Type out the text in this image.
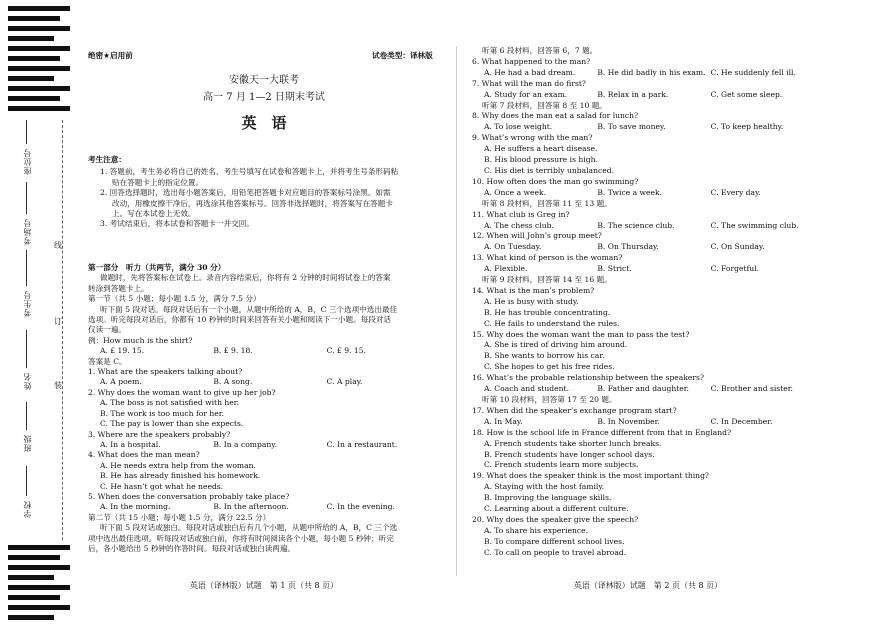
座位号
考场号
考生号
姓名
班级
学校
线
订
装
绝密★启用前	试卷类型：译林版
安徽天一大联考
高一 7 月 1—2 日期末考试
英　语
考生注意：
1. 答题前，考生务必将自己的姓名、考生号填写在试卷和答题卡上，并将考生号条形码粘
贴在答题卡上的指定位置。
2. 回答选择题时，选出每小题答案后，用铅笔把答题卡对应题目的答案标号涂黑。如需
改动，用橡皮擦干净后，再选涂其他答案标号。回答非选择题时，将答案写在答题卡
上。写在本试卷上无效。
3. 考试结束后，将本试卷和答题卡一并交回。
第一部分　听力（共两节，满分 30 分）
做题时，先将答案标在试卷上。录音内容结束后，你将有 2 分钟的时间将试卷上的答案
转涂到答题卡上。
第一节（共 5 小题；每小题 1.5 分，满分 7.5 分）
听下面 5 段对话。每段对话后有一个小题，从题中所给的 A，B，C 三个选项中选出最佳
选项。听完每段对话后，你都有 10 秒钟的时间来回答有关小题和阅读下一小题。每段对话
仅读一遍。
例：How much is the shirt?
A. £ 19. 15.	B. £ 9. 18.	C. £ 9. 15.
答案是 C。
1. What are the speakers talking about?
A. A poem.	B. A song.	C. A play.
2. Why does the woman want to give up her job?
A. The boss is not satisfied with her.
B. The work is too much for her.
C. The pay is lower than she expects.
3. Where are the speakers probably?
A. In a hospital.	B. In a company.	C. In a restaurant.
4. What does the man mean?
A. He needs extra help from the woman.
B. He has already finished his homework.
C. He hasn’t got what he needs.
5. When does the conversation probably take place?
A. In the morning.	B. In the afternoon.	C. In the evening.
第二节（共 15 小题；每小题 1.5 分，满分 22.5 分）
听下面 5 段对话或独白。每段对话或独白后有几个小题，从题中所给的 A，B，C 三个选
项中选出最佳选项。听每段对话或独白前，你将有时间阅读各个小题，每小题 5 秒钟；听完
后，各小题给出 5 秒钟的作答时间。每段对话或独白读两遍。
英语（译林版）试题　第 1 页（共 8 页）
听第 6 段材料，回答第 6，7 题。
6. What happened to the man?
A. He had a bad dream.	B. He did badly in his exam. C. He suddenly fell ill.
7. What will the man do first?
A. Study for an exam.	B. Relax in a park.	C. Get some sleep.
听第 7 段材料，回答第 8 至 10 题。
8. Why does the man eat a salad for lunch?
A. To lose weight.	B. To save money.	C. To keep healthy.
9. What’s wrong with the man?
A. He suffers a heart disease.
B. His blood pressure is high.
C. His diet is terribly unbalanced.
10. How often does the man go swimming?
A. Once a week.	B. Twice a week.	C. Every day.
听第 8 段材料，回答第 11 至 13 题。
11. What club is Greg in?
A. The chess club.	B. The science club.	C. The swimming club.
12. When will John’s group meet?
A. On Tuesday.	B. On Thursday.	C. On Sunday.
13. What kind of person is the woman?
A. Flexible.	B. Strict.	C. Forgetful.
听第 9 段材料，回答第 14 至 16 题。
14. What is the man’s problem?
A. He is busy with study.
B. He has trouble concentrating.
C. He fails to understand the rules.
15. Why does the woman want the man to pass the test?
A. She is tired of driving him around.
B. She wants to borrow his car.
C. She hopes to get his free rides.
16. What’s the probable relationship between the speakers?
A. Coach and student.	B. Father and daughter.	C. Brother and sister.
听第 10 段材料，回答第 17 至 20 题。
17. When did the speaker’s exchange program start?
A. In May.	B. In November.	C. In December.
18. How is the school life in France different from that in England?
A. French students take shorter lunch breaks.
B. French students have longer school days.
C. French students learn more subjects.
19. What does the speaker think is the most important thing?
A. Staying with the host family.
B. Improving the language skills.
C. Learning about a different culture.
20. Why does the speaker give the speech?
A. To share his experience.
B. To compare different school lives.
C. To call on people to travel abroad.
英语（译林版）试题　第 2 页（共 8 页）
